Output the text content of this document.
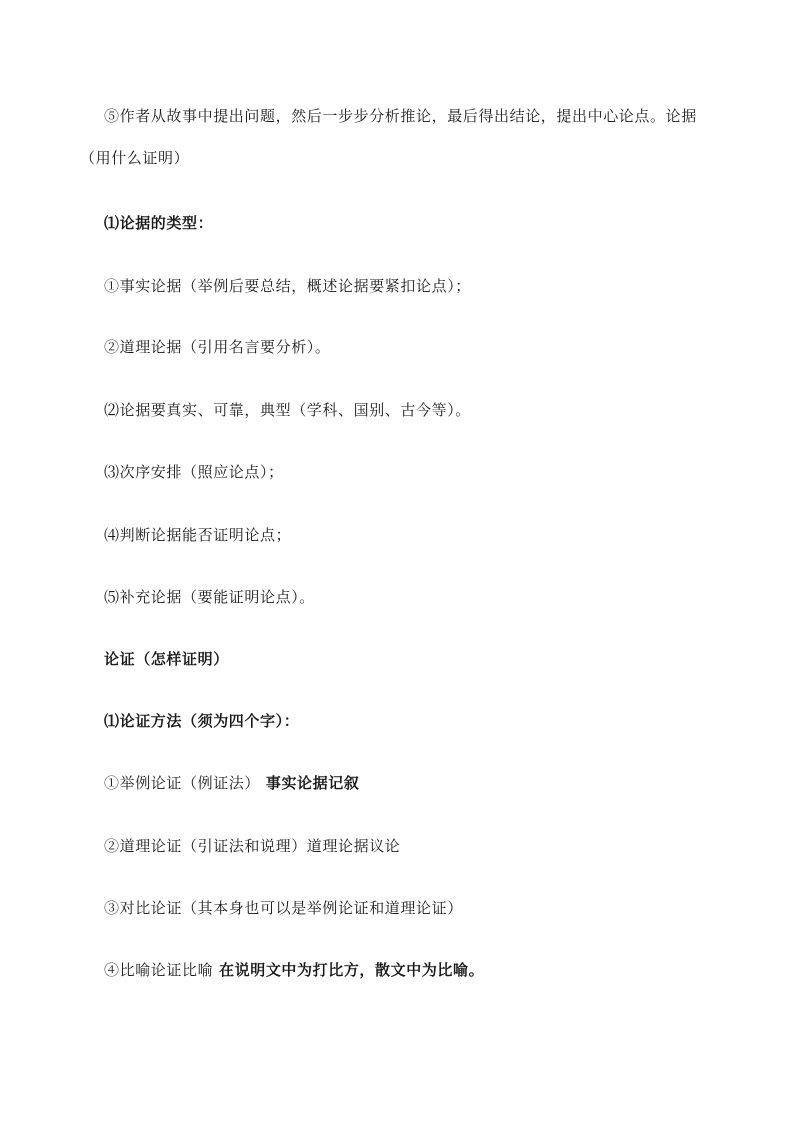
⑤作者从故事中提出问题，然后一步步分析推论，最后得出结论，提出中心论点。论据
（用什么证明）
⑴论据的类型：
①事实论据（举例后要总结，概述论据要紧扣论点）；
②道理论据（引用名言要分析）。
⑵论据要真实、可靠，典型（学科、国别、古今等）。
⑶次序安排（照应论点）；
⑷判断论据能否证明论点；
⑸补充论据（要能证明论点）。
论证（怎样证明）
⑴论证方法（须为四个字）：
①举例论证（例证法） 事实论据记叙
②道理论证（引证法和说理）道理论据议论
③对比论证（其本身也可以是举例论证和道理论证）
④比喻论证比喻 在说明文中为打比方，散文中为比喻。
